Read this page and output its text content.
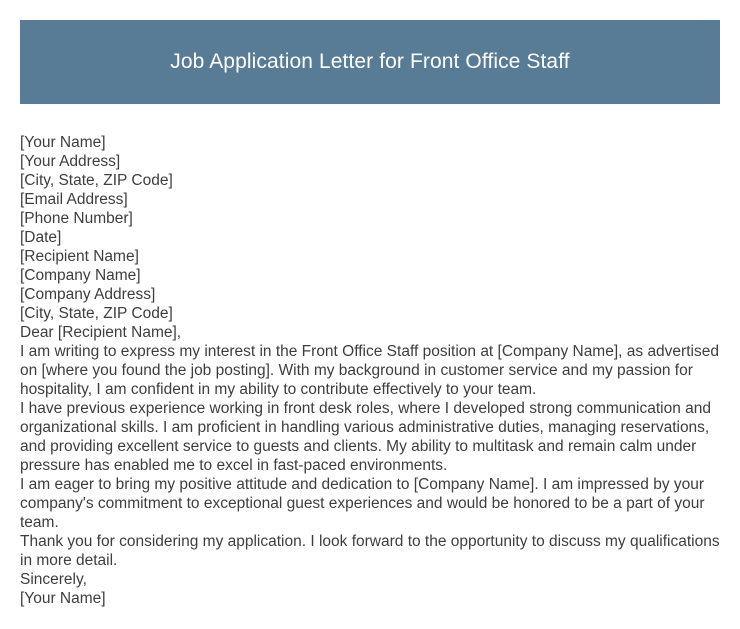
Job Application Letter for Front Office Staff
[Your Name]
[Your Address]
[City, State, ZIP Code]
[Email Address]
[Phone Number]
[Date]
[Recipient Name]
[Company Name]
[Company Address]
[City, State, ZIP Code]
Dear [Recipient Name],
I am writing to express my interest in the Front Office Staff position at [Company Name], as advertised on [where you found the job posting]. With my background in customer service and my passion for hospitality, I am confident in my ability to contribute effectively to your team.
I have previous experience working in front desk roles, where I developed strong communication and organizational skills. I am proficient in handling various administrative duties, managing reservations, and providing excellent service to guests and clients. My ability to multitask and remain calm under pressure has enabled me to excel in fast-paced environments.
I am eager to bring my positive attitude and dedication to [Company Name]. I am impressed by your company's commitment to exceptional guest experiences and would be honored to be a part of your team.
Thank you for considering my application. I look forward to the opportunity to discuss my qualifications in more detail.
Sincerely,
[Your Name]
